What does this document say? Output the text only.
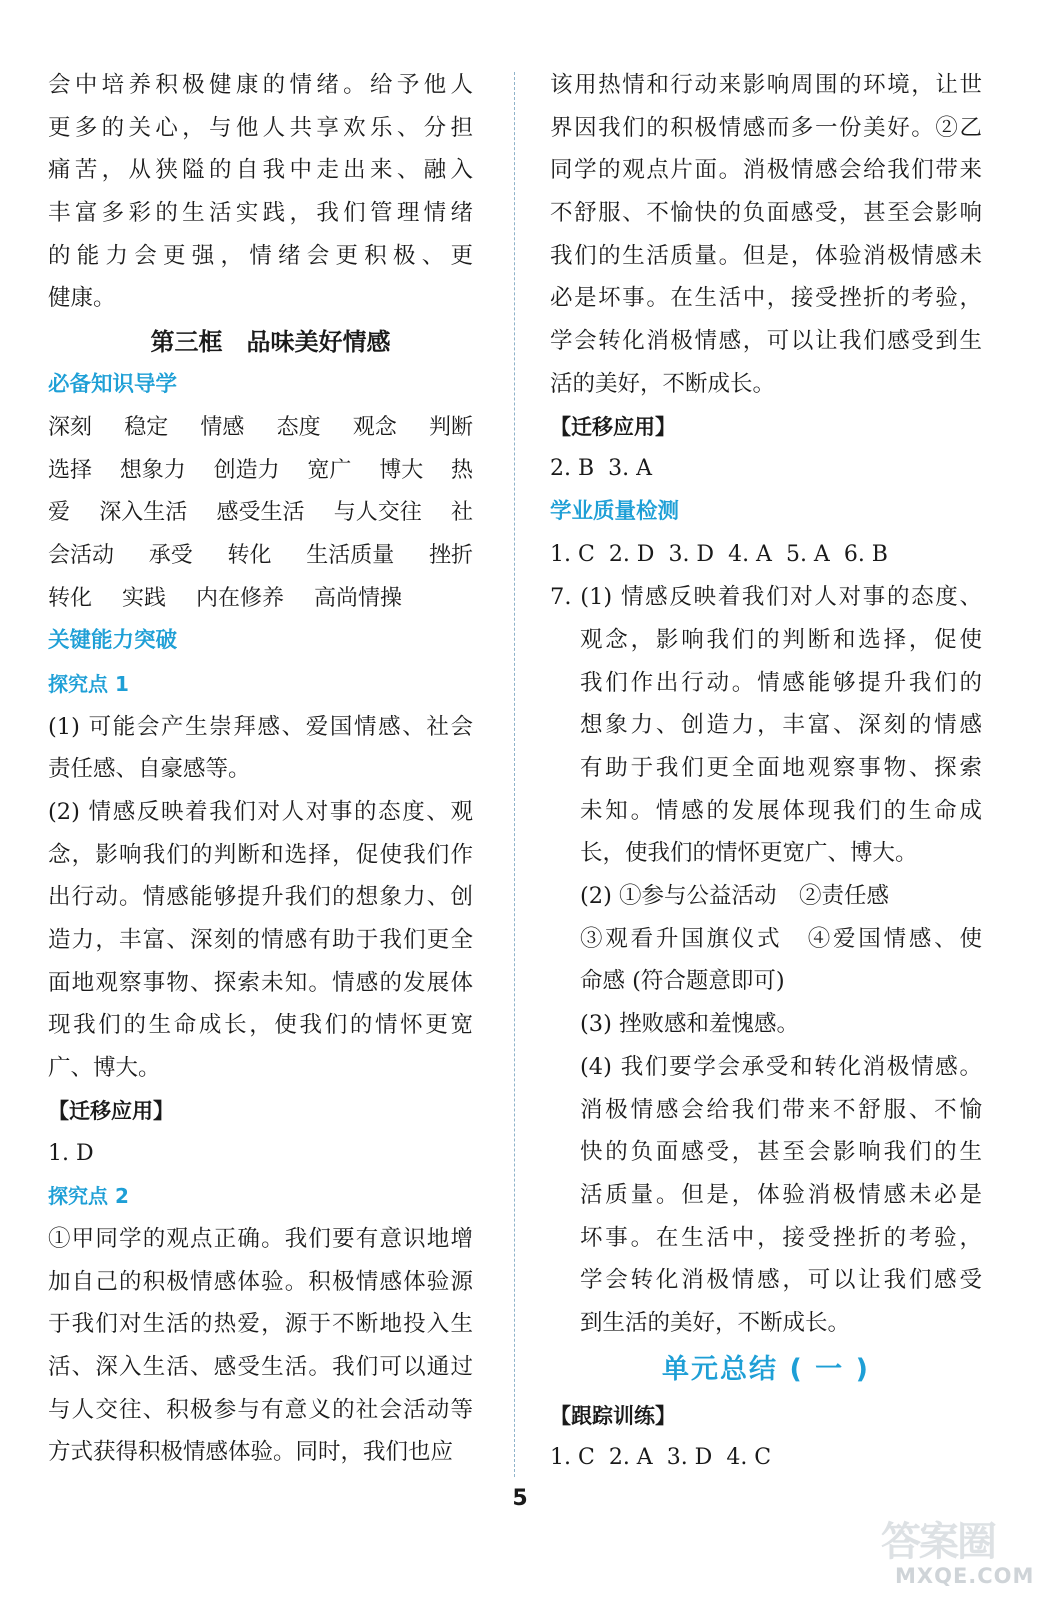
会中培养积极健康的情绪。给予他人
更多的关心，与他人共享欢乐、分担
痛苦，从狭隘的自我中走出来、融入
丰富多彩的生活实践，我们管理情绪
的能力会更强，情绪会更积极、更
健康。
第三框　品味美好情感
必备知识导学
深刻 稳定 情感 态度 观念 判断
选择 想象力 创造力 宽广 博大 热
爱 深入生活 感受生活 与人交往 社
会活动 承受 转化 生活质量 挫折
转化 实践 内在修养 高尚情操
关键能力突破
探究点 1
(1) 可能会产生崇拜感、爱国情感、社会
责任感、自豪感等。
(2) 情感反映着我们对人对事的态度、观
念，影响我们的判断和选择，促使我们作
出行动。情感能够提升我们的想象力、创
造力，丰富、深刻的情感有助于我们更全
面地观察事物、探索未知。情感的发展体
现我们的生命成长，使我们的情怀更宽
广、博大。
【迁移应用】
1. D
探究点 2
①甲同学的观点正确。我们要有意识地增
加自己的积极情感体验。积极情感体验源
于我们对生活的热爱，源于不断地投入生
活、深入生活、感受生活。我们可以通过
与人交往、积极参与有意义的社会活动等
方式获得积极情感体验。同时，我们也应
该用热情和行动来影响周围的环境，让世
界因我们的积极情感而多一份美好。②乙
同学的观点片面。消极情感会给我们带来
不舒服、不愉快的负面感受，甚至会影响
我们的生活质量。但是，体验消极情感未
必是坏事。在生活中，接受挫折的考验，
学会转化消极情感，可以让我们感受到生
活的美好，不断成长。
【迁移应用】
2. B 3. A
学业质量检测
1. C 2. D 3. D 4. A 5. A 6. B
7. (1) 情感反映着我们对人对事的态度、
观念，影响我们的判断和选择，促使
我们作出行动。情感能够提升我们的
想象力、创造力，丰富、深刻的情感
有助于我们更全面地观察事物、探索
未知。情感的发展体现我们的生命成
长，使我们的情怀更宽广、博大。
(2) ①参与公益活动　②责任感
③观看升国旗仪式　④爱国情感、使
命感 (符合题意即可)
(3) 挫败感和羞愧感。
(4) 我们要学会承受和转化消极情感。
消极情感会给我们带来不舒服、不愉
快的负面感受，甚至会影响我们的生
活质量。但是，体验消极情感未必是
坏事。在生活中，接受挫折的考验，
学会转化消极情感，可以让我们感受
到生活的美好，不断成长。
单元总结 ( 一 )
【跟踪训练】
1. C 2. A 3. D 4. C
5
答案圈
MXQE.COM
